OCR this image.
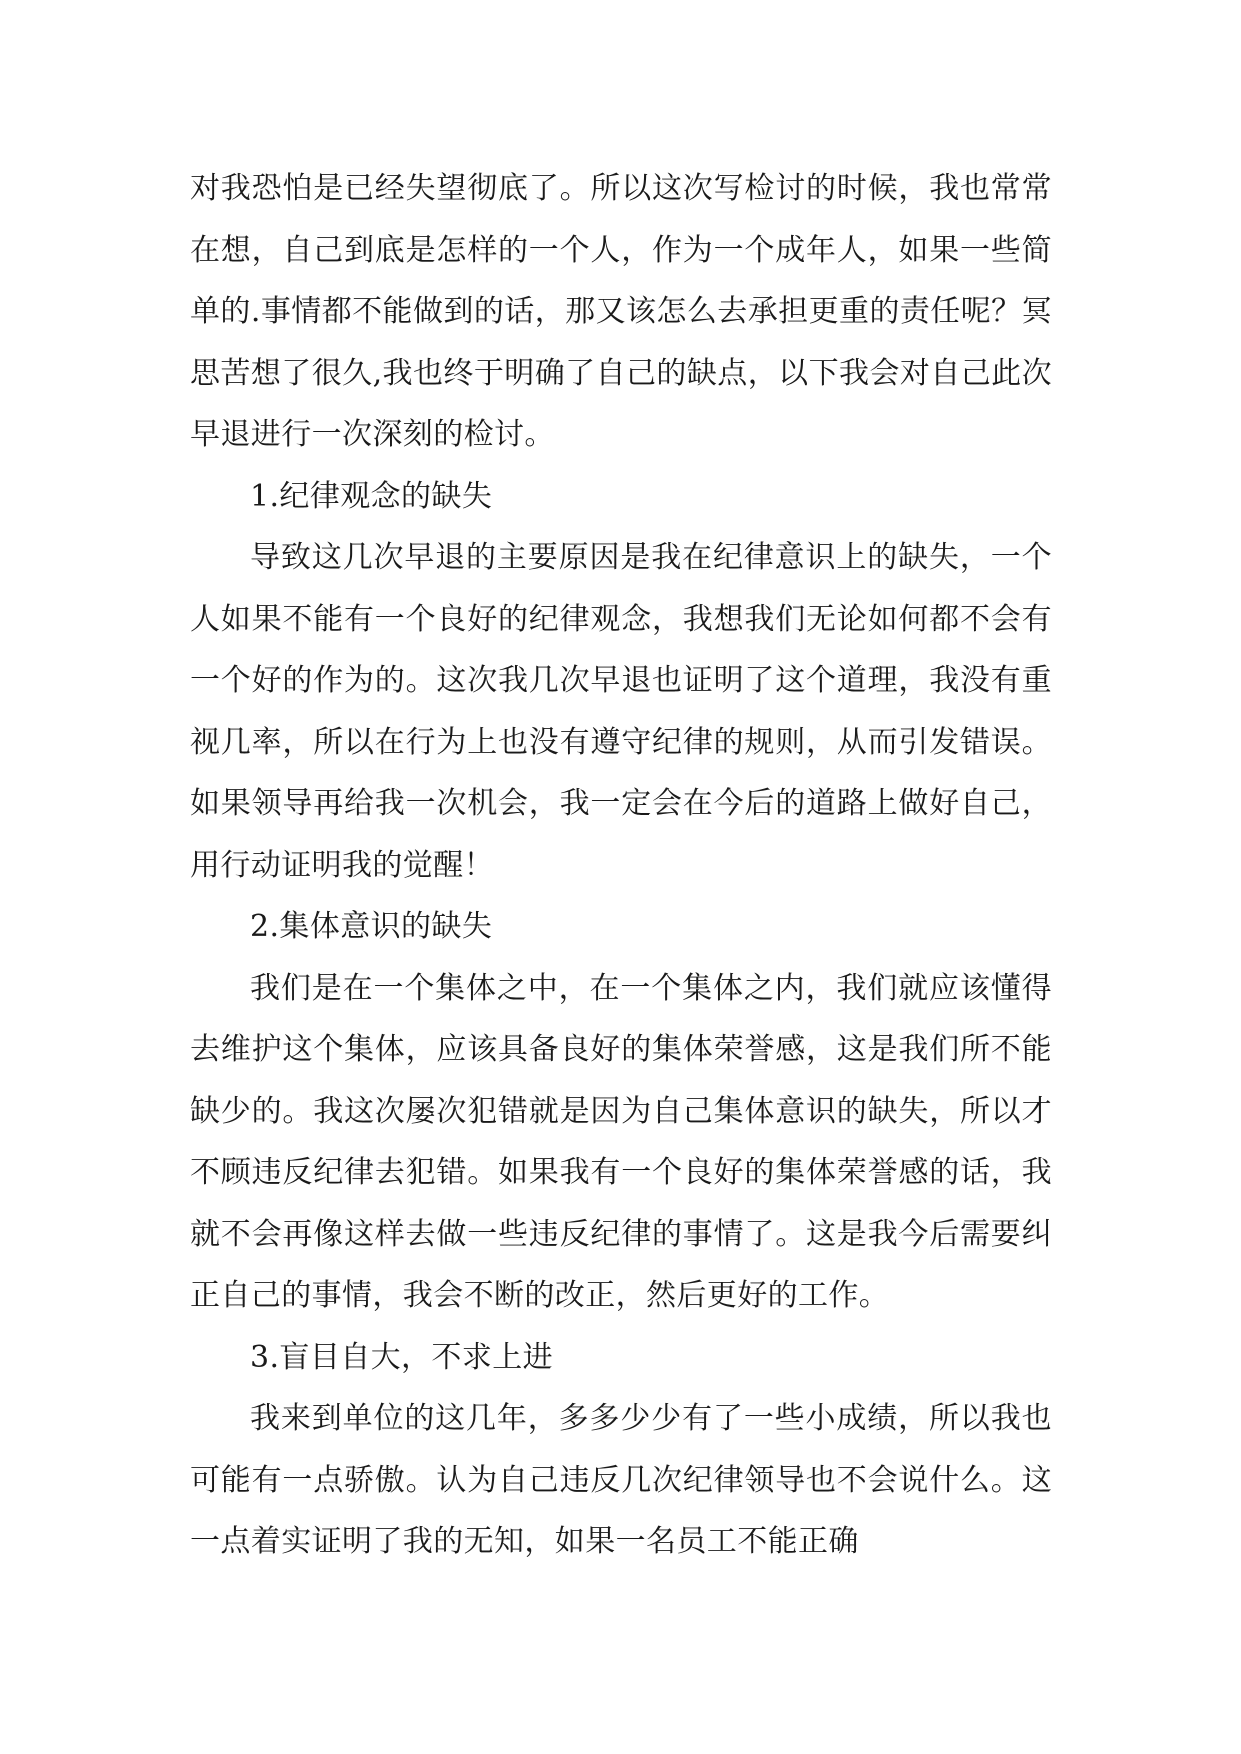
对我恐怕是已经失望彻底了。所以这次写检讨的时候，我也常常在想，自己到底是怎样的一个人，作为一个成年人，如果一些简单的.事情都不能做到的话，那又该怎么去承担更重的责任呢？冥思苦想了很久,我也终于明确了自己的缺点，以下我会对自己此次早退进行一次深刻的检讨。

1.纪律观念的缺失

导致这几次早退的主要原因是我在纪律意识上的缺失，一个人如果不能有一个良好的纪律观念，我想我们无论如何都不会有一个好的作为的。这次我几次早退也证明了这个道理，我没有重视几率，所以在行为上也没有遵守纪律的规则，从而引发错误。如果领导再给我一次机会，我一定会在今后的道路上做好自己，用行动证明我的觉醒！

2.集体意识的缺失

我们是在一个集体之中，在一个集体之内，我们就应该懂得去维护这个集体，应该具备良好的集体荣誉感，这是我们所不能缺少的。我这次屡次犯错就是因为自己集体意识的缺失，所以才不顾违反纪律去犯错。如果我有一个良好的集体荣誉感的话，我就不会再像这样去做一些违反纪律的事情了。这是我今后需要纠正自己的事情，我会不断的改正，然后更好的工作。

3.盲目自大，不求上进

我来到单位的这几年，多多少少有了一些小成绩，所以我也可能有一点骄傲。认为自己违反几次纪律领导也不会说什么。这一点着实证明了我的无知，如果一名员工不能正确
